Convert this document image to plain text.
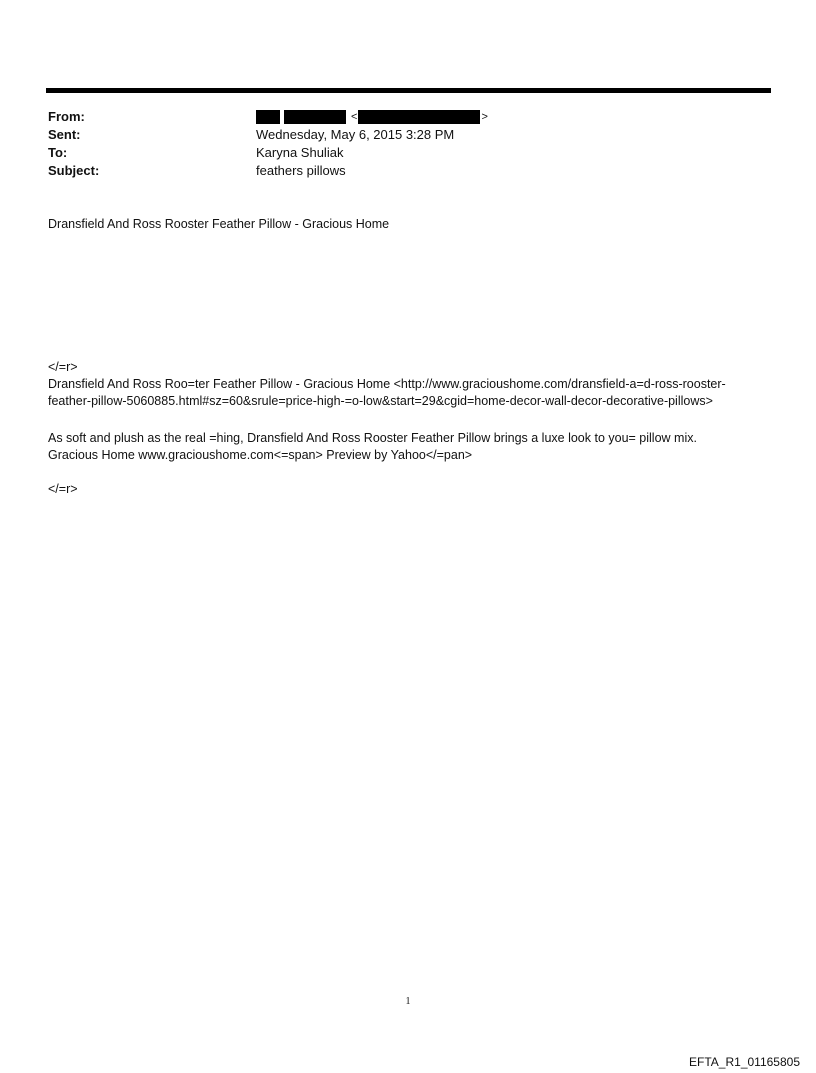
From:	<	>
Sent:	Wednesday, May 6, 2015 3:28 PM
To:	Karyna Shuliak
Subject:	feathers pillows
Dransfield And Ross Rooster Feather Pillow - Gracious Home
</=r>
Dransfield And Ross Roo=ter Feather Pillow - Gracious Home <http://www.gracioushome.com/dransfield-a=d-ross-rooster-feather-pillow-5060885.html#sz=60&srule=price-high-=o-low&start=29&cgid=home-decor-wall-decor-decorative-pillows>
As soft and plush as the real =hing, Dransfield And Ross Rooster Feather Pillow brings a luxe look to you= pillow mix.
Gracious Home www.gracioushome.com<=span> Preview by Yahoo</=pan>
</=r>
1
EFTA_R1_01165805
